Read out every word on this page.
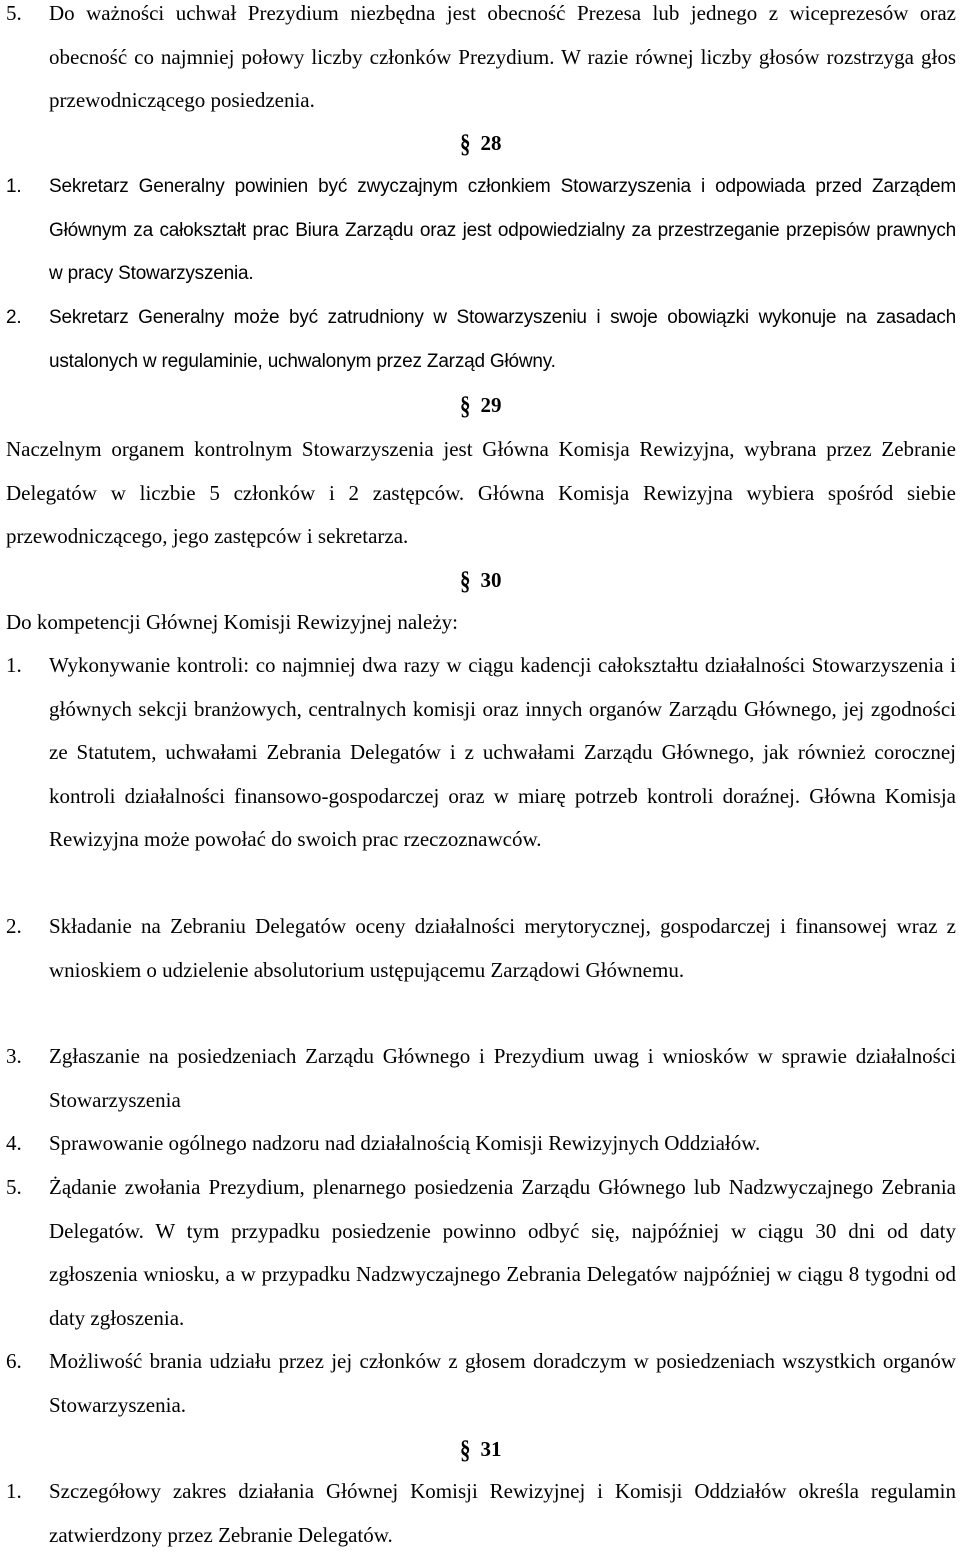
5.	Do ważności uchwał Prezydium niezbędna jest obecność Prezesa lub jednego z wiceprezesów oraz obecność co najmniej połowy liczby członków Prezydium. W razie równej liczby głosów rozstrzyga głos przewodniczącego posiedzenia.
§ 28
1.	Sekretarz Generalny powinien być zwyczajnym członkiem Stowarzyszenia i odpowiada przed Zarządem Głównym za całokształt prac Biura Zarządu oraz jest odpowiedzialny za przestrzeganie przepisów prawnych w pracy Stowarzyszenia.
2.	Sekretarz Generalny może być zatrudniony w Stowarzyszeniu i swoje obowiązki wykonuje na zasadach ustalonych w regulaminie, uchwalonym przez Zarząd Główny.
§ 29
Naczelnym organem kontrolnym Stowarzyszenia jest Główna Komisja Rewizyjna, wybrana przez Zebranie Delegatów w liczbie 5 członków i 2 zastępców. Główna Komisja Rewizyjna wybiera spośród siebie przewodniczącego, jego zastępców i sekretarza.
§ 30
Do kompetencji Głównej Komisji Rewizyjnej należy:
1.	Wykonywanie kontroli: co najmniej dwa razy w ciągu kadencji całokształtu działalności Stowarzyszenia i głównych sekcji branżowych, centralnych komisji oraz innych organów Zarządu Głównego, jej zgodności ze Statutem, uchwałami Zebrania Delegatów i z uchwałami Zarządu Głównego, jak również corocznej kontroli działalności finansowo-gospodarczej oraz w miarę potrzeb kontroli doraźnej. Główna Komisja Rewizyjna może powołać do swoich prac rzeczoznawców.
2.	Składanie na Zebraniu Delegatów oceny działalności merytorycznej, gospodarczej i finansowej wraz z wnioskiem o udzielenie absolutorium ustępującemu Zarządowi Głównemu.
3.	Zgłaszanie na posiedzeniach Zarządu Głównego i Prezydium uwag i wniosków w sprawie działalności Stowarzyszenia
4.	Sprawowanie ogólnego nadzoru nad działalnością Komisji Rewizyjnych Oddziałów.
5.	Żądanie zwołania Prezydium, plenarnego posiedzenia Zarządu Głównego lub Nadzwyczajnego Zebrania Delegatów. W tym przypadku posiedzenie powinno odbyć się, najpóźniej w ciągu 30 dni od daty zgłoszenia wniosku, a w przypadku Nadzwyczajnego Zebrania Delegatów najpóźniej w ciągu 8 tygodni od daty zgłoszenia.
6.	Możliwość brania udziału przez jej członków z głosem doradczym w posiedzeniach wszystkich organów Stowarzyszenia.
§ 31
1.	Szczegółowy zakres działania Głównej Komisji Rewizyjnej i Komisji Oddziałów określa regulamin zatwierdzony przez Zebranie Delegatów.
